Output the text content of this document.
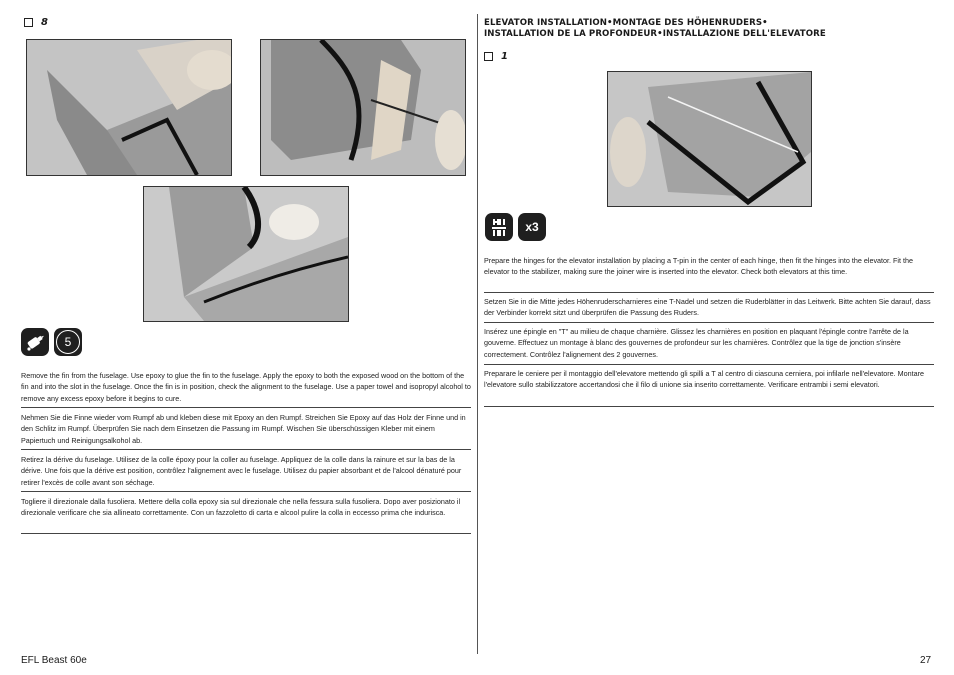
8
5
Remove the fin from the fuselage. Use epoxy to glue the fin to the fuselage. Apply the epoxy to both the exposed wood on the bottom of the fin and into the slot in the fuselage. Once the fin is in position, check the alignment to the fuselage. Use a paper towel and isopropyl alcohol to remove any excess epoxy before it begins to cure.
Nehmen Sie die Finne wieder vom Rumpf ab und kleben diese mit Epoxy an den Rumpf. Streichen Sie Epoxy auf das Holz der Finne und in den Schlitz im Rumpf. Überprüfen Sie nach dem Einsetzen die Passung im Rumpf. Wischen Sie überschüssigen Kleber mit einem Papiertuch und Reinigungsalkohol ab.
Retirez la dérive du fuselage. Utilisez de la colle époxy pour la coller au fuselage. Appliquez de la colle dans la rainure et sur la bas de la dérive. Une fois que la dérive est position, contrôlez l'alignement avec le fuselage. Utilisez du papier absorbant et de l'alcool dénaturé pour retirer l'excès de colle avant son séchage.
Togliere il direzionale dalla fusoliera. Mettere della colla epoxy sia sul direzionale che nella fessura sulla fusoliera. Dopo aver posizionato il direzionale verificare che sia allineato correttamente. Con un fazzoletto di carta e alcool pulire la colla in eccesso prima che indurisca.
ELEVATOR INSTALLATION•MONTAGE DES HÖHENRUDERS•
INSTALLATION DE LA PROFONDEUR•INSTALLAZIONE DELL'ELEVATORE
1
x3
Prepare the hinges for the elevator installation by placing a T-pin in the center of each hinge, then fit the hinges into the elevator. Fit the elevator to the stabilizer, making sure the joiner wire is inserted into the elevator. Check both elevators at this time.
Setzen Sie in die Mitte jedes Höhenruderscharnieres eine T-Nadel und setzen die Ruderblätter in das Leitwerk. Bitte achten Sie darauf, dass der Verbinder korrekt sitzt und überprüfen die Passung des Ruders.
Insérez une épingle en "T" au milieu de chaque charnière. Glissez les charnières en position en plaquant l'épingle contre l'arrête de la gouverne. Effectuez un montage à blanc des gouvernes de profondeur sur les charnières. Contrôlez que la tige de jonction s'insère correctement. Contrôlez l'alignement des 2 gouvernes.
Preparare le ceniere per il montaggio dell'elevatore mettendo gli spilli a T al centro di ciascuna cerniera, poi infilarle nell'elevatore. Montare l'elevatore sullo stabilizzatore accertandosi che il filo di unione sia inserito correttamente. Verificare entrambi i semi elevatori.
EFL Beast 60e	27
